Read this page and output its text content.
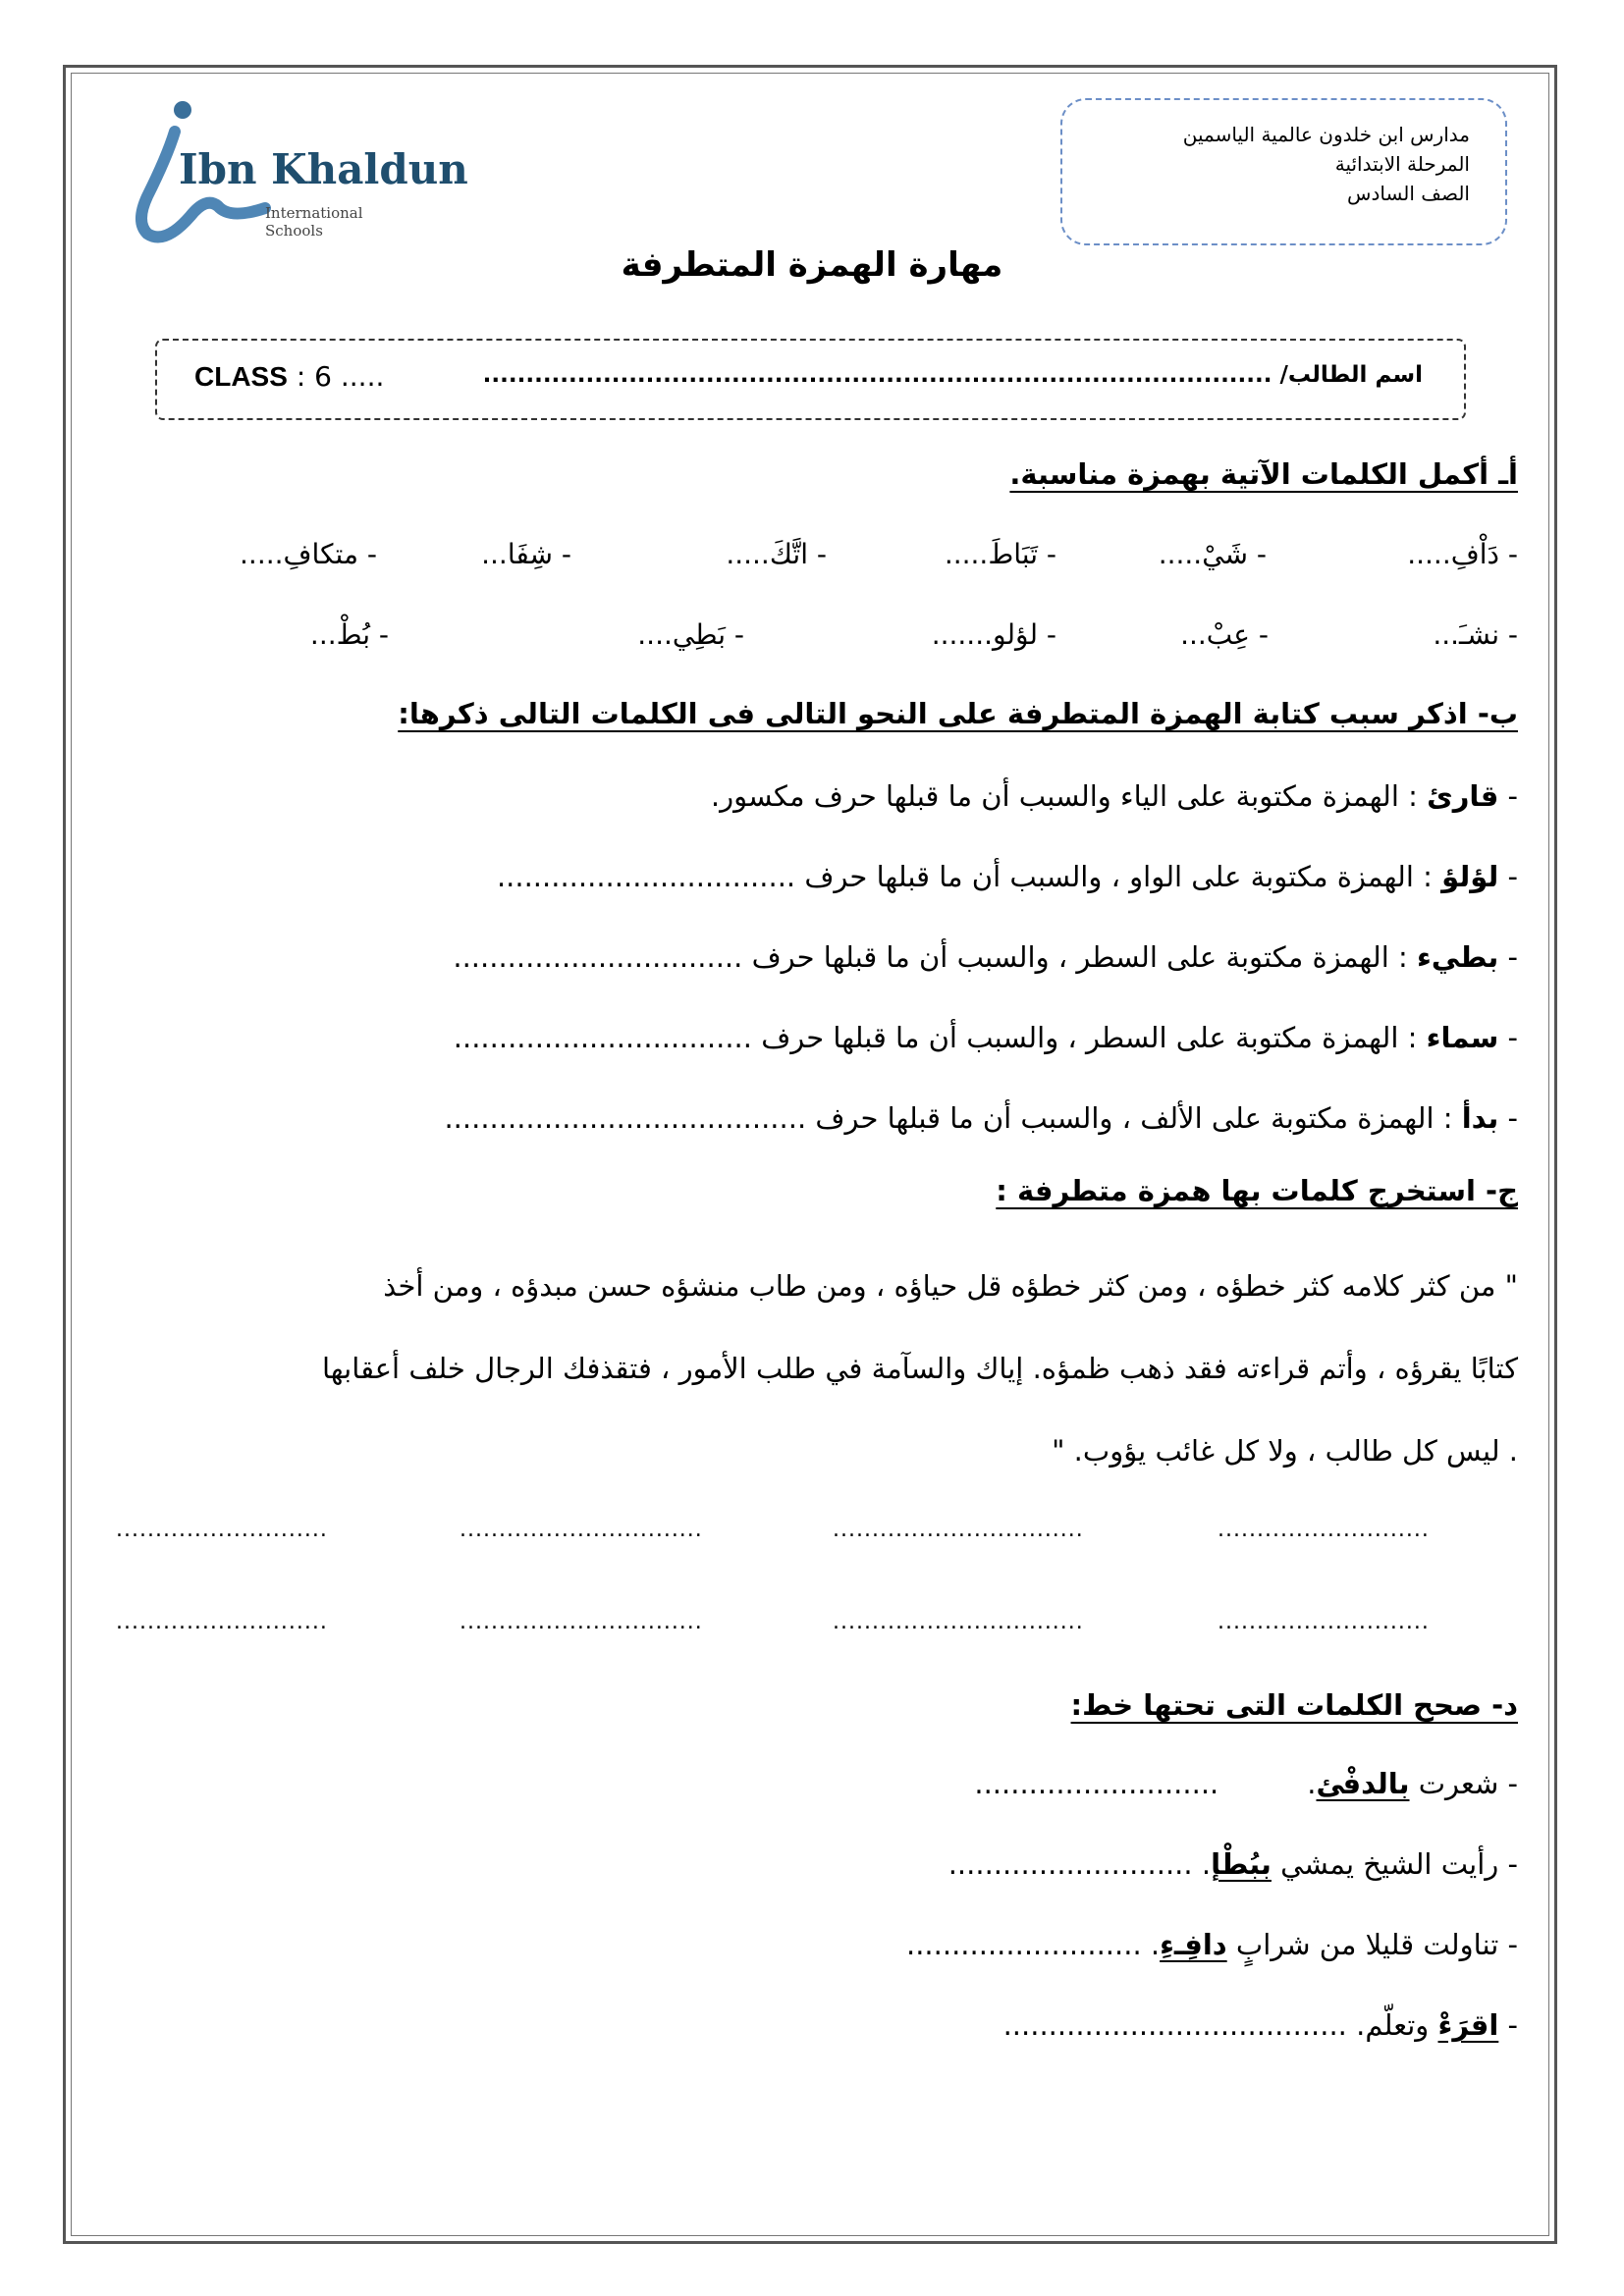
Ibn Khaldun
International
Schools
مدارس ابن خلدون عالمية الياسمين
المرحلة الابتدائية
الصف السادس
مهارة الهمزة المتطرفة
اسم الطالب/ ............................................................................................
CLASS : 6 .....
أـ أكمل الكلمات الآتية بهمزة مناسبة.
- دَاْفِ.....
- شَيْ.....
- تَبَاطَ.....
- اتَّكَ.....
- شِفَا...
- متكافِ.....
- نشـَ...
- عِبْ...
- لؤلو.......
- بَطِي....
- بُطْ...
ب- اذكر سبب كتابة الهمزة المتطرفة على النحو التالى فى الكلمات التالى ذكرها:
- قارئ : الهمزة مكتوبة على الياء والسبب أن ما قبلها حرف مكسور.
- لؤلؤ : الهمزة مكتوبة على الواو ، والسبب أن ما قبلها حرف .................................
- بطيء : الهمزة مكتوبة على السطر ، والسبب أن ما قبلها حرف ................................
- سماء : الهمزة مكتوبة على السطر ، والسبب أن ما قبلها حرف .................................
- بدأ : الهمزة مكتوبة على الألف ، والسبب أن ما قبلها حرف ........................................
ج- استخرج كلمات بها همزة متطرفة :

" من كثر كلامه كثر خطؤه ، ومن كثر خطؤه قل حياؤه ، ومن طاب منشؤه حسن مبدؤه ، ومن أخذ

كتابًا يقرؤه ، وأتم قراءته فقد ذهب ظمؤه. إياك والسآمة في طلب الأمور ، فتقذفك الرجال خلف أعقابها

. ليس كل طالب ، ولا كل غائب يؤوب. "

...........................	...............................	................................	...........................
...........................	...............................	................................	...........................
د- صحح الكلمات التى تحتها خط:
- شعرت بالدفْئ............................
- رأيت الشيخ يمشي ببُطْإ. ...........................
- تناولت قليلا من شرابٍ دافِـءِ. ..........................
- اقرَءْ وتعلّم. ......................................
